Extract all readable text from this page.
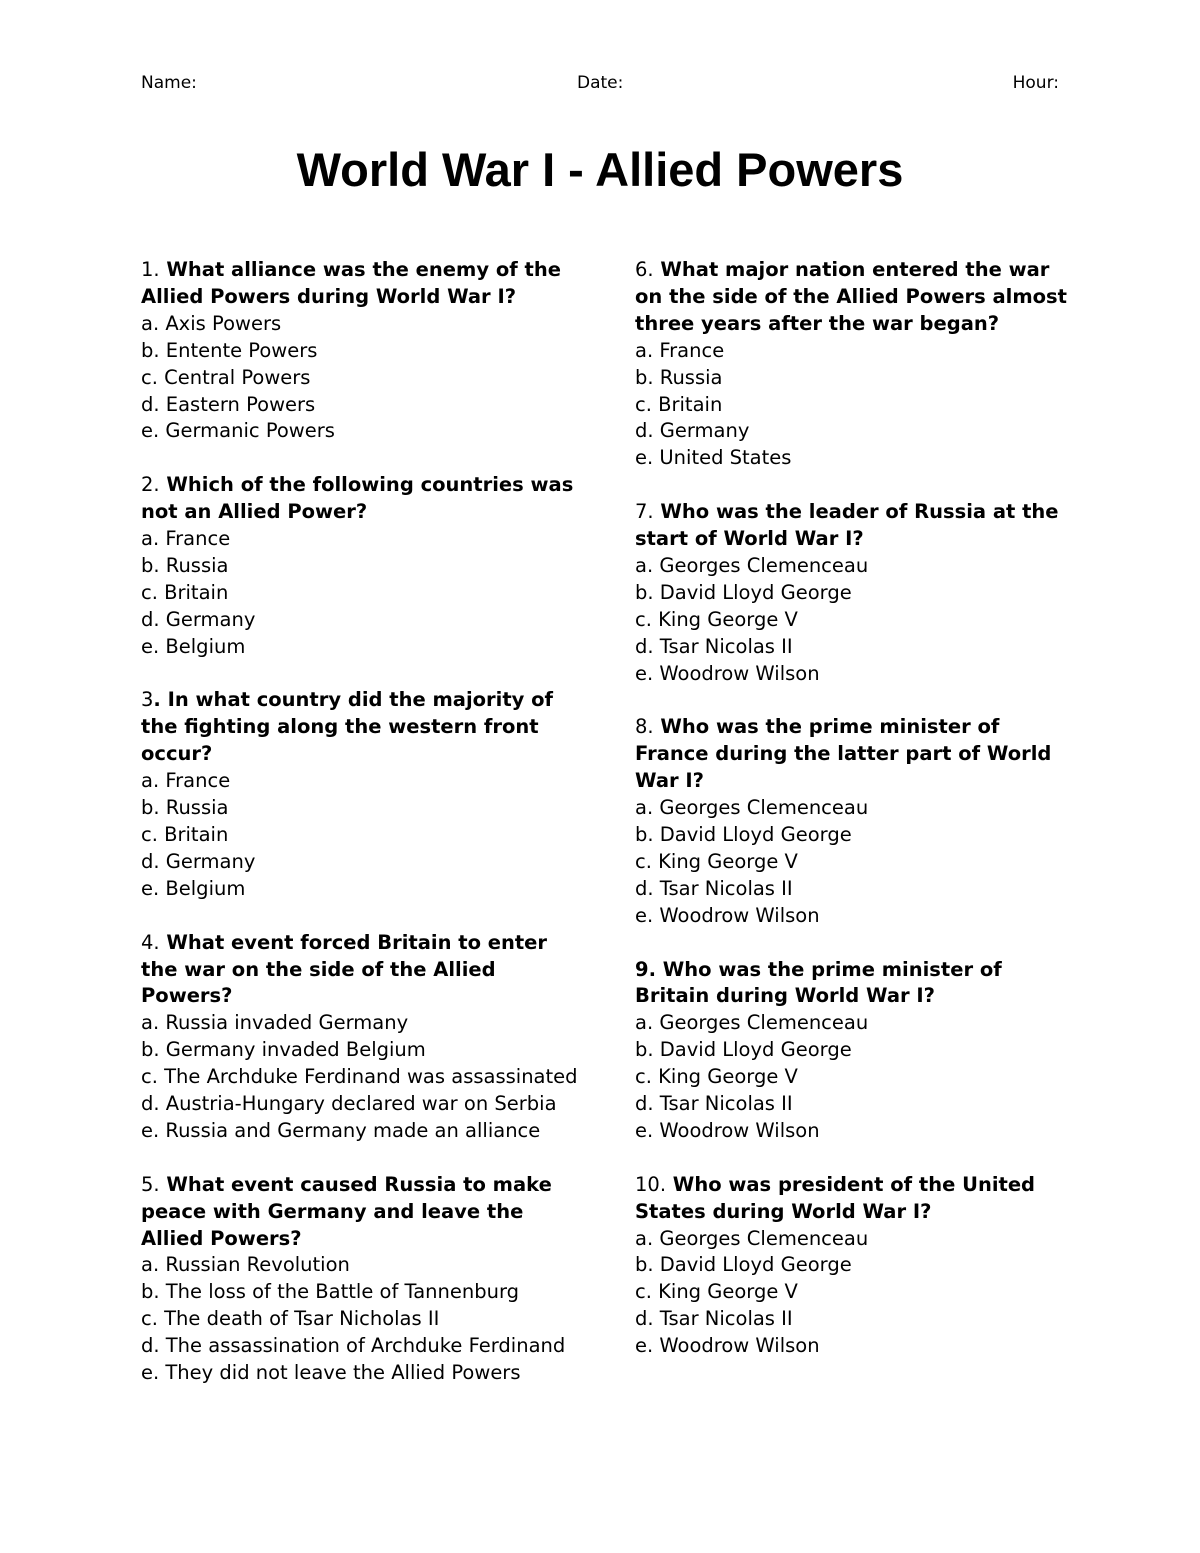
Name:	Date:	Hour:
World War I - Allied Powers

1. What alliance was the enemy of the Allied Powers during World War I?

a. Axis Powers
b. Entente Powers
c. Central Powers
d. Eastern Powers
e. Germanic Powers

2. Which of the following countries was not an Allied Power?

a. France
b. Russia
c. Britain
d. Germany
e. Belgium

3. In what country did the majority of the fighting along the western front occur?

a. France
b. Russia
c. Britain
d. Germany
e. Belgium

4. What event forced Britain to enter the war on the side of the Allied Powers?

a. Russia invaded Germany
b. Germany invaded Belgium
c. The Archduke Ferdinand was assassinated
d. Austria-Hungary declared war on Serbia
e. Russia and Germany made an alliance

5. What event caused Russia to make peace with Germany and leave the Allied Powers?

a. Russian Revolution
b. The loss of the Battle of Tannenburg
c. The death of Tsar Nicholas II
d. The assassination of Archduke Ferdinand
e. They did not leave the Allied Powers

6. What major nation entered the war on the side of the Allied Powers almost three years after the war began?

a. France
b. Russia
c. Britain
d. Germany
e. United States

7. Who was the leader of Russia at the start of World War I?

a. Georges Clemenceau
b. David Lloyd George
c. King George V
d. Tsar Nicolas II
e. Woodrow Wilson

8. Who was the prime minister of France during the latter part of World War I?

a. Georges Clemenceau
b. David Lloyd George
c. King George V
d. Tsar Nicolas II
e. Woodrow Wilson

9. Who was the prime minister of Britain during World War I?

a. Georges Clemenceau
b. David Lloyd George
c. King George V
d. Tsar Nicolas II
e. Woodrow Wilson

10. Who was president of the United States during World War I?

a. Georges Clemenceau
b. David Lloyd George
c. King George V
d. Tsar Nicolas II
e. Woodrow Wilson
